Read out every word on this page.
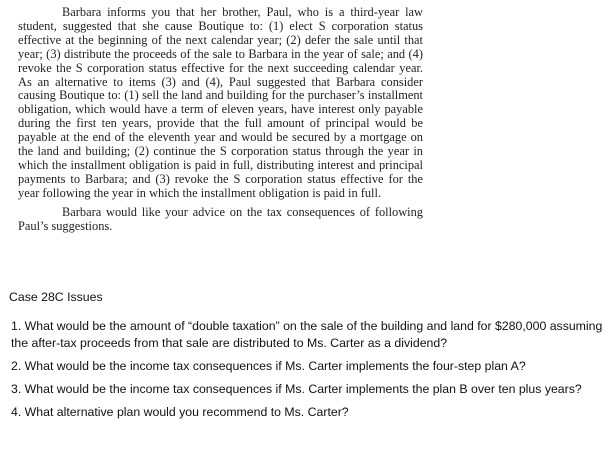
Barbara informs you that her brother, Paul, who is a third-year law student, suggested that she cause Boutique to: (1) elect S corporation status effective at the beginning of the next calendar year; (2) defer the sale until that year; (3) distribute the proceeds of the sale to Barbara in the year of sale; and (4) revoke the S corporation status effective for the next succeeding calendar year. As an alternative to items (3) and (4), Paul suggested that Barbara consider causing Boutique to: (1) sell the land and building for the purchaser’s installment obligation, which would have a term of eleven years, have interest only payable during the first ten years, provide that the full amount of principal would be payable at the end of the eleventh year and would be secured by a mortgage on the land and building; (2) continue the S corporation status through the year in which the installment obligation is paid in full, distributing interest and principal payments to Barbara; and (3) revoke the S corporation status effective for the year following the year in which the installment obligation is paid in full.

Barbara would like your advice on the tax consequences of following Paul’s suggestions.

Case 28C Issues
1. What would be the amount of “double taxation” on the sale of the building and land for $280,000 assuming the after-tax proceeds from that sale are distributed to Ms. Carter as a dividend?
2. What would be the income tax consequences if Ms. Carter implements the four-step plan A?
3. What would be the income tax consequences if Ms. Carter implements the plan B over ten plus years?
4. What alternative plan would you recommend to Ms. Carter?
